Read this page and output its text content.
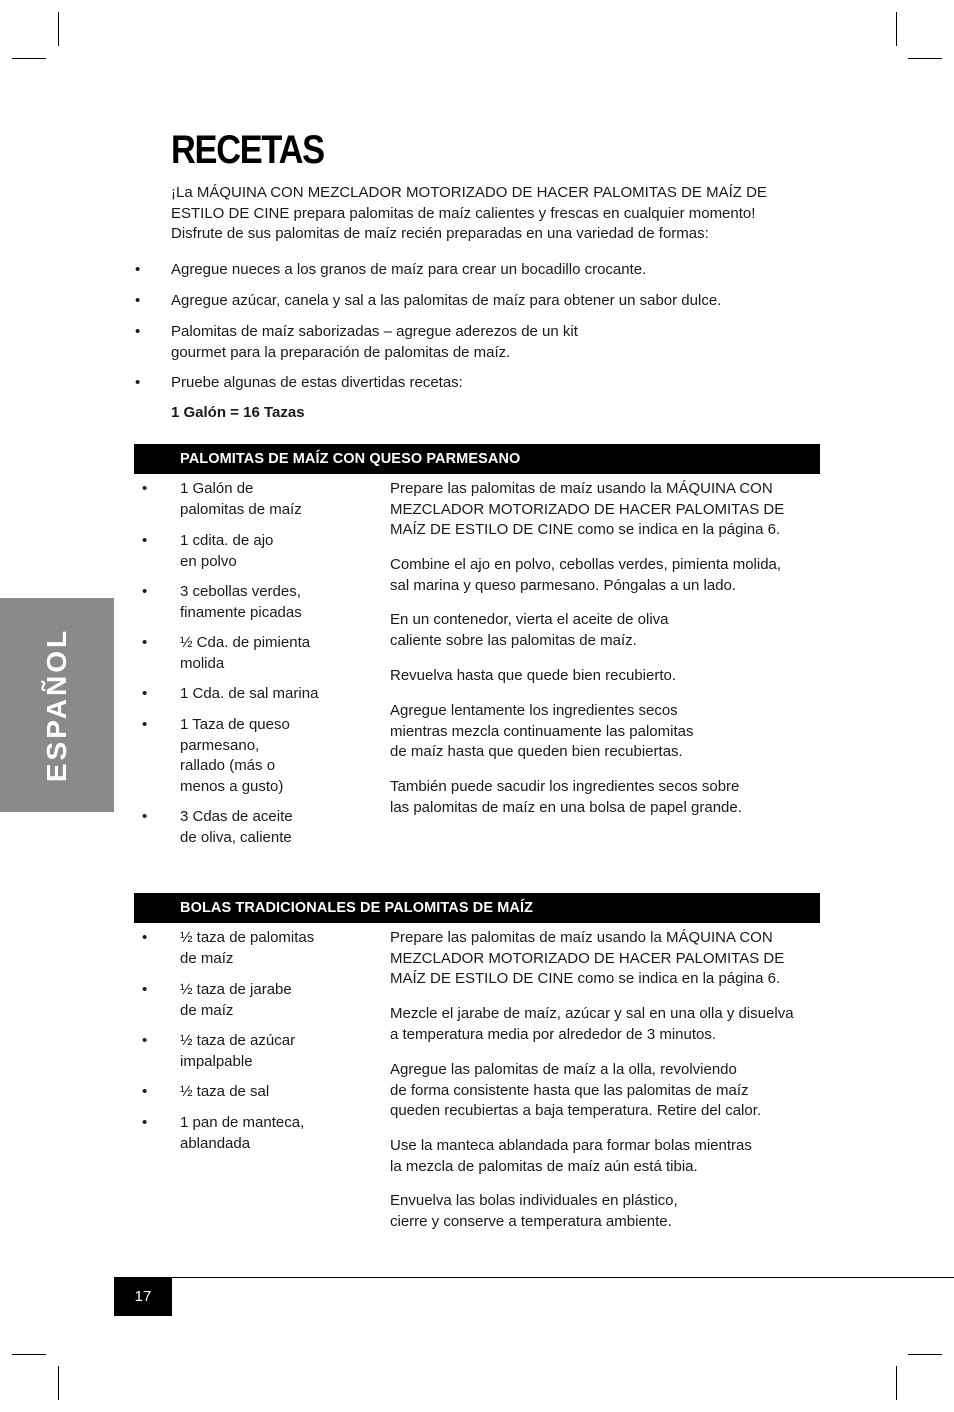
RECETAS
¡La MÁQUINA CON MEZCLADOR MOTORIZADO DE HACER PALOMITAS DE MAÍZ DE
ESTILO DE CINE prepara palomitas de maíz calientes y frescas en cualquier momento!
Disfrute de sus palomitas de maíz recién preparadas en una variedad de formas:
• Agregue nueces a los granos de maíz para crear un bocadillo crocante.
• Agregue azúcar, canela y sal a las palomitas de maíz para obtener un sabor dulce.
• Palomitas de maíz saborizadas – agregue aderezos de un kit
gourmet para la preparación de palomitas de maíz.
• Pruebe algunas de estas divertidas recetas:
1 Galón = 16 Tazas
PALOMITAS DE MAÍZ CON QUESO PARMESANO
• 1 Galón de
palomitas de maíz
• 1 cdita. de ajo
en polvo
• 3 cebollas verdes,
finamente picadas
• ½ Cda. de pimienta
molida
• 1 Cda. de sal marina
• 1 Taza de queso
parmesano,
rallado (más o
menos a gusto)
• 3 Cdas de aceite
de oliva, caliente
Prepare las palomitas de maíz usando la MÁQUINA CON
MEZCLADOR MOTORIZADO DE HACER PALOMITAS DE
MAÍZ DE ESTILO DE CINE como se indica en la página 6.
Combine el ajo en polvo, cebollas verdes, pimienta molida,
sal marina y queso parmesano. Póngalas a un lado.
En un contenedor, vierta el aceite de oliva
caliente sobre las palomitas de maíz.
Revuelva hasta que quede bien recubierto.
Agregue lentamente los ingredientes secos
mientras mezcla continuamente las palomitas
de maíz hasta que queden bien recubiertas.
También puede sacudir los ingredientes secos sobre
las palomitas de maíz en una bolsa de papel grande.
BOLAS TRADICIONALES DE PALOMITAS DE MAÍZ
• ½ taza de palomitas
de maíz
• ½ taza de jarabe
de maíz
• ½ taza de azúcar
impalpable
• ½ taza de sal
• 1 pan de manteca,
ablandada
Prepare las palomitas de maíz usando la MÁQUINA CON
MEZCLADOR MOTORIZADO DE HACER PALOMITAS DE
MAÍZ DE ESTILO DE CINE como se indica en la página 6.
Mezcle el jarabe de maíz, azúcar y sal en una olla y disuelva
a temperatura media por alrededor de 3 minutos.
Agregue las palomitas de maíz a la olla, revolviendo
de forma consistente hasta que las palomitas de maíz
queden recubiertas a baja temperatura. Retire del calor.
Use la manteca ablandada para formar bolas mientras
la mezcla de palomitas de maíz aún está tibia.
Envuelva las bolas individuales en plástico,
cierre y conserve a temperatura ambiente.
ESPAÑOL
17
